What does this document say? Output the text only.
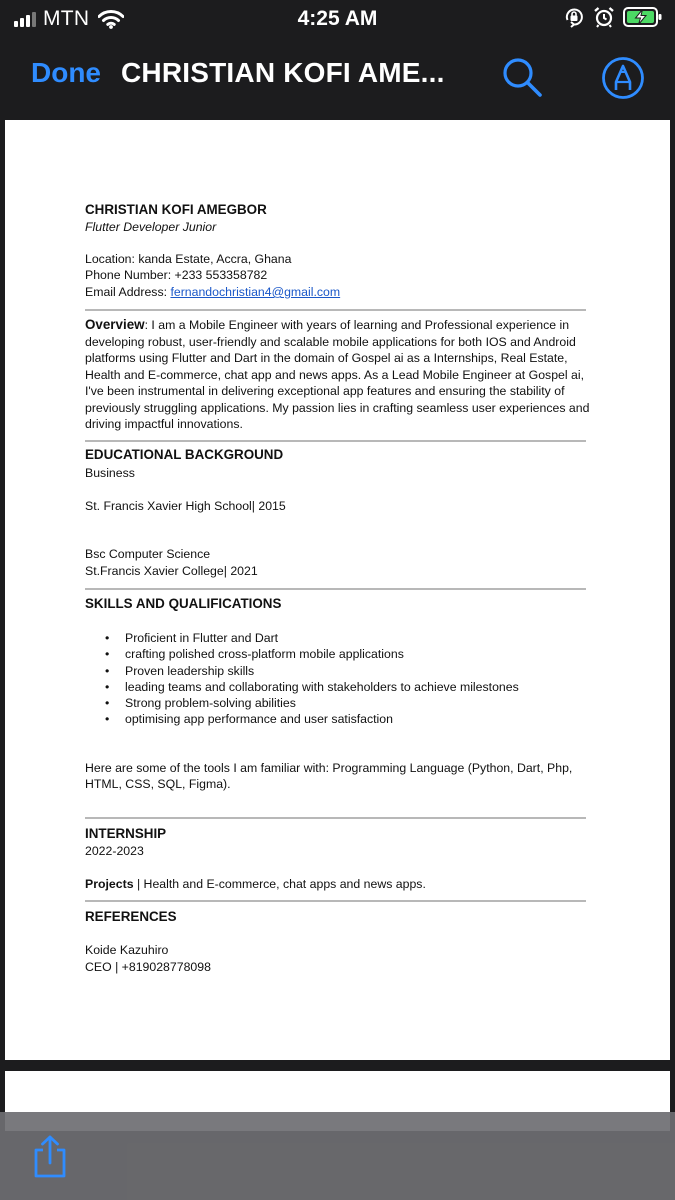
MTN	4:25 AM
Done CHRISTIAN KOFI AME...
CHRISTIAN KOFI AMEGBOR
Flutter Developer Junior
Location: kanda Estate, Accra, Ghana
Phone Number: +233 553358782
Email Address: fernandochristian4@gmail.com
Overview: I am a Mobile Engineer with years of learning and Professional experience in
developing robust, user-friendly and scalable mobile applications for both IOS and Android
platforms using Flutter and Dart in the domain of Gospel ai as a Internships, Real Estate,
Health and E-commerce, chat app and news apps. As a Lead Mobile Engineer at Gospel ai,
I've been instrumental in delivering exceptional app features and ensuring the stability of
previously struggling applications. My passion lies in crafting seamless user experiences and
driving impactful innovations.
EDUCATIONAL BACKGROUND
Business
St. Francis Xavier High School| 2015
Bsc Computer Science
St.Francis Xavier College| 2021
SKILLS AND QUALIFICATIONS
• Proficient in Flutter and Dart
• crafting polished cross-platform mobile applications
• Proven leadership skills
• leading teams and collaborating with stakeholders to achieve milestones
• Strong problem-solving abilities
• optimising app performance and user satisfaction
Here are some of the tools I am familiar with: Programming Language (Python, Dart, Php,
HTML, CSS, SQL, Figma).
INTERNSHIP
2022-2023
Projects | Health and E-commerce, chat apps and news apps.
REFERENCES
Koide Kazuhiro
CEO | +819028778098
